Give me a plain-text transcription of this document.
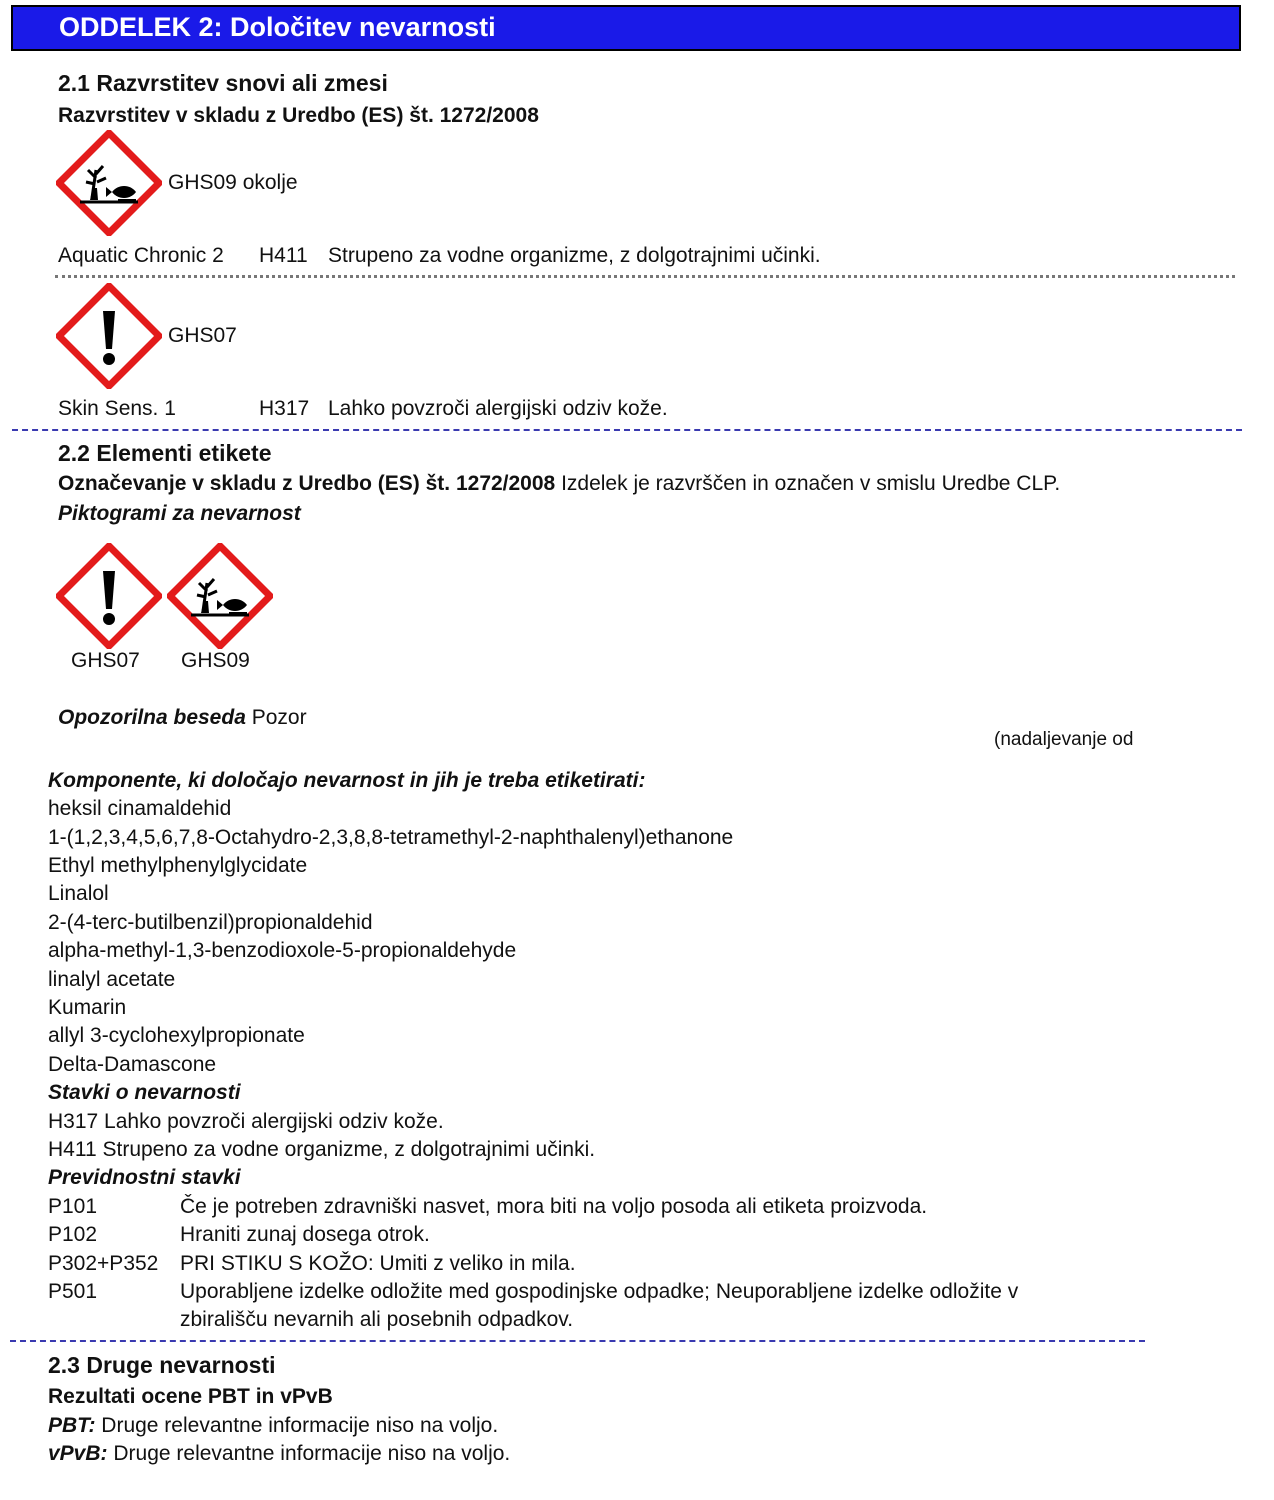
ODDELEK 2: Določitev nevarnosti
2.1 Razvrstitev snovi ali zmesi
Razvrstitev v skladu z Uredbo (ES) št. 1272/2008
GHS09 okolje
Aquatic Chronic 2 H411 Strupeno za vodne organizme, z dolgotrajnimi učinki.
GHS07
Skin Sens. 1	H317 Lahko povzroči alergijski odziv kože.
2.2 Elementi etikete
Označevanje v skladu z Uredbo (ES) št. 1272/2008 Izdelek je razvrščen in označen v smislu Uredbe CLP.
Piktogrami za nevarnost
GHS07 GHS09
Opozorilna beseda Pozor
(nadaljevanje od
Komponente, ki določajo nevarnost in jih je treba etiketirati:
heksil cinamaldehid
1-(1,2,3,4,5,6,7,8-Octahydro-2,3,8,8-tetramethyl-2-naphthalenyl)ethanone
Ethyl methylphenylglycidate
Linalol
2-(4-terc-butilbenzil)propionaldehid
alpha-methyl-1,3-benzodioxole-5-propionaldehyde
linalyl acetate
Kumarin
allyl 3-cyclohexylpropionate
Delta-Damascone
Stavki o nevarnosti
H317 Lahko povzroči alergijski odziv kože.
H411 Strupeno za vodne organizme, z dolgotrajnimi učinki.
Previdnostni stavki
P101	Če je potreben zdravniški nasvet, mora biti na voljo posoda ali etiketa proizvoda.
P102	Hraniti zunaj dosega otrok.
P302+P352 PRI STIKU S KOŽO: Umiti z veliko in mila.
P501	Uporabljene izdelke odložite med gospodinjske odpadke; Neuporabljene izdelke odložite v
zbirališču nevarnih ali posebnih odpadkov.
2.3 Druge nevarnosti
Rezultati ocene PBT in vPvB
PBT: Druge relevantne informacije niso na voljo.
vPvB: Druge relevantne informacije niso na voljo.
